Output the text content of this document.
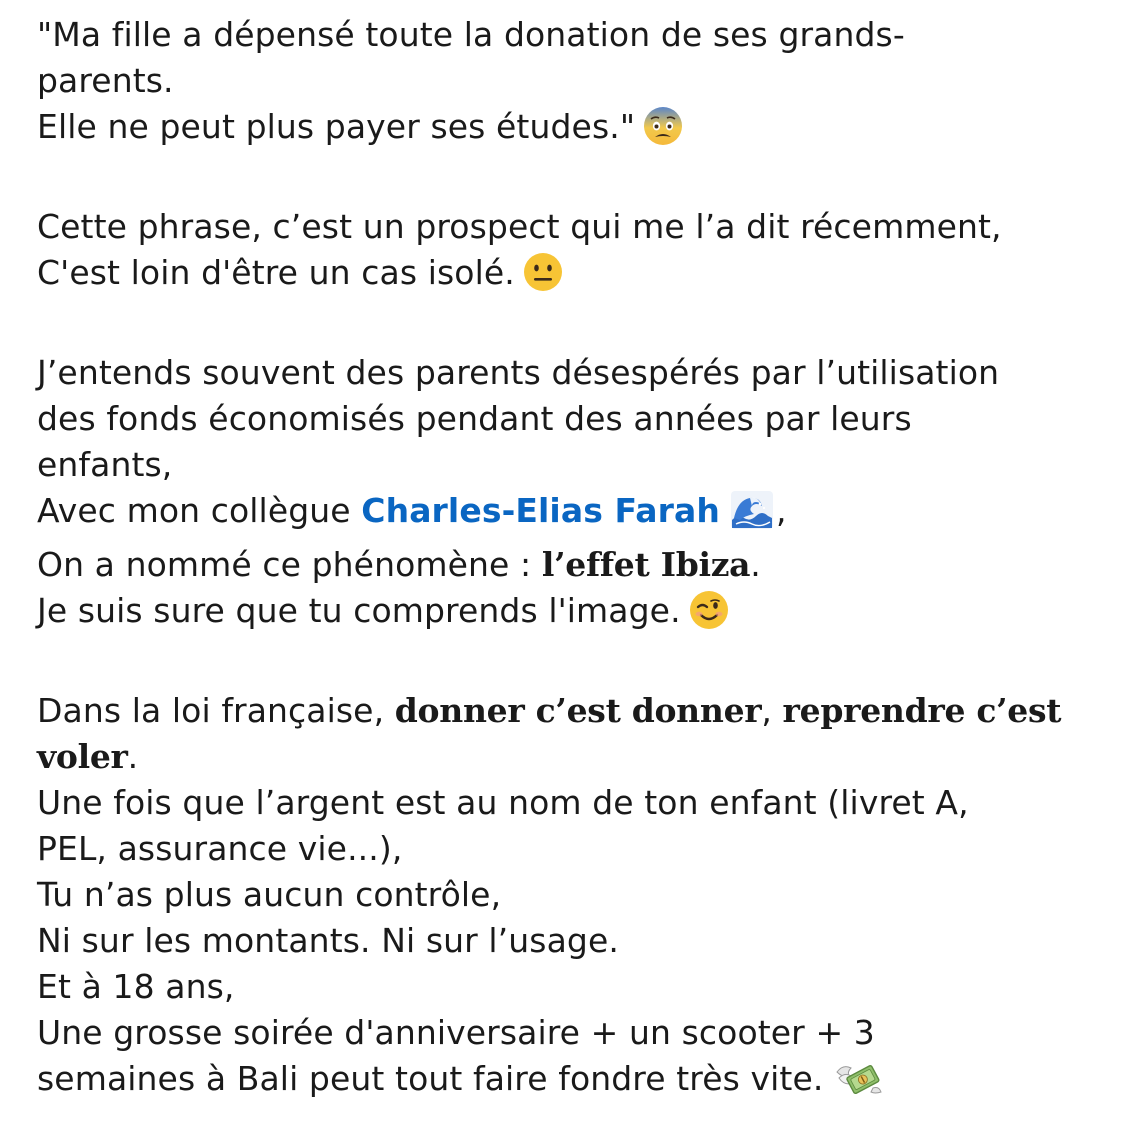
"Ma fille a dépensé toute la donation de ses grands-
parents.
Elle ne peut plus payer ses études."
Cette phrase, c’est un prospect qui me l’a dit récemment,
C'est loin d'être un cas isolé.
J’entends souvent des parents désespérés par l’utilisation
des fonds économisés pendant des années par leurs
enfants,
Avec mon collègue Charles-Elias Farah ,
On a nommé ce phénomène : l’effet Ibiza.
Je suis sure que tu comprends l'image.
Dans la loi française, donner c’est donner, reprendre c’est
voler.
Une fois que l’argent est au nom de ton enfant (livret A,
PEL, assurance vie...),
Tu n’as plus aucun contrôle,
Ni sur les montants. Ni sur l’usage.
Et à 18 ans,
Une grosse soirée d'anniversaire + un scooter + 3
semaines à Bali peut tout faire fondre très vite.
